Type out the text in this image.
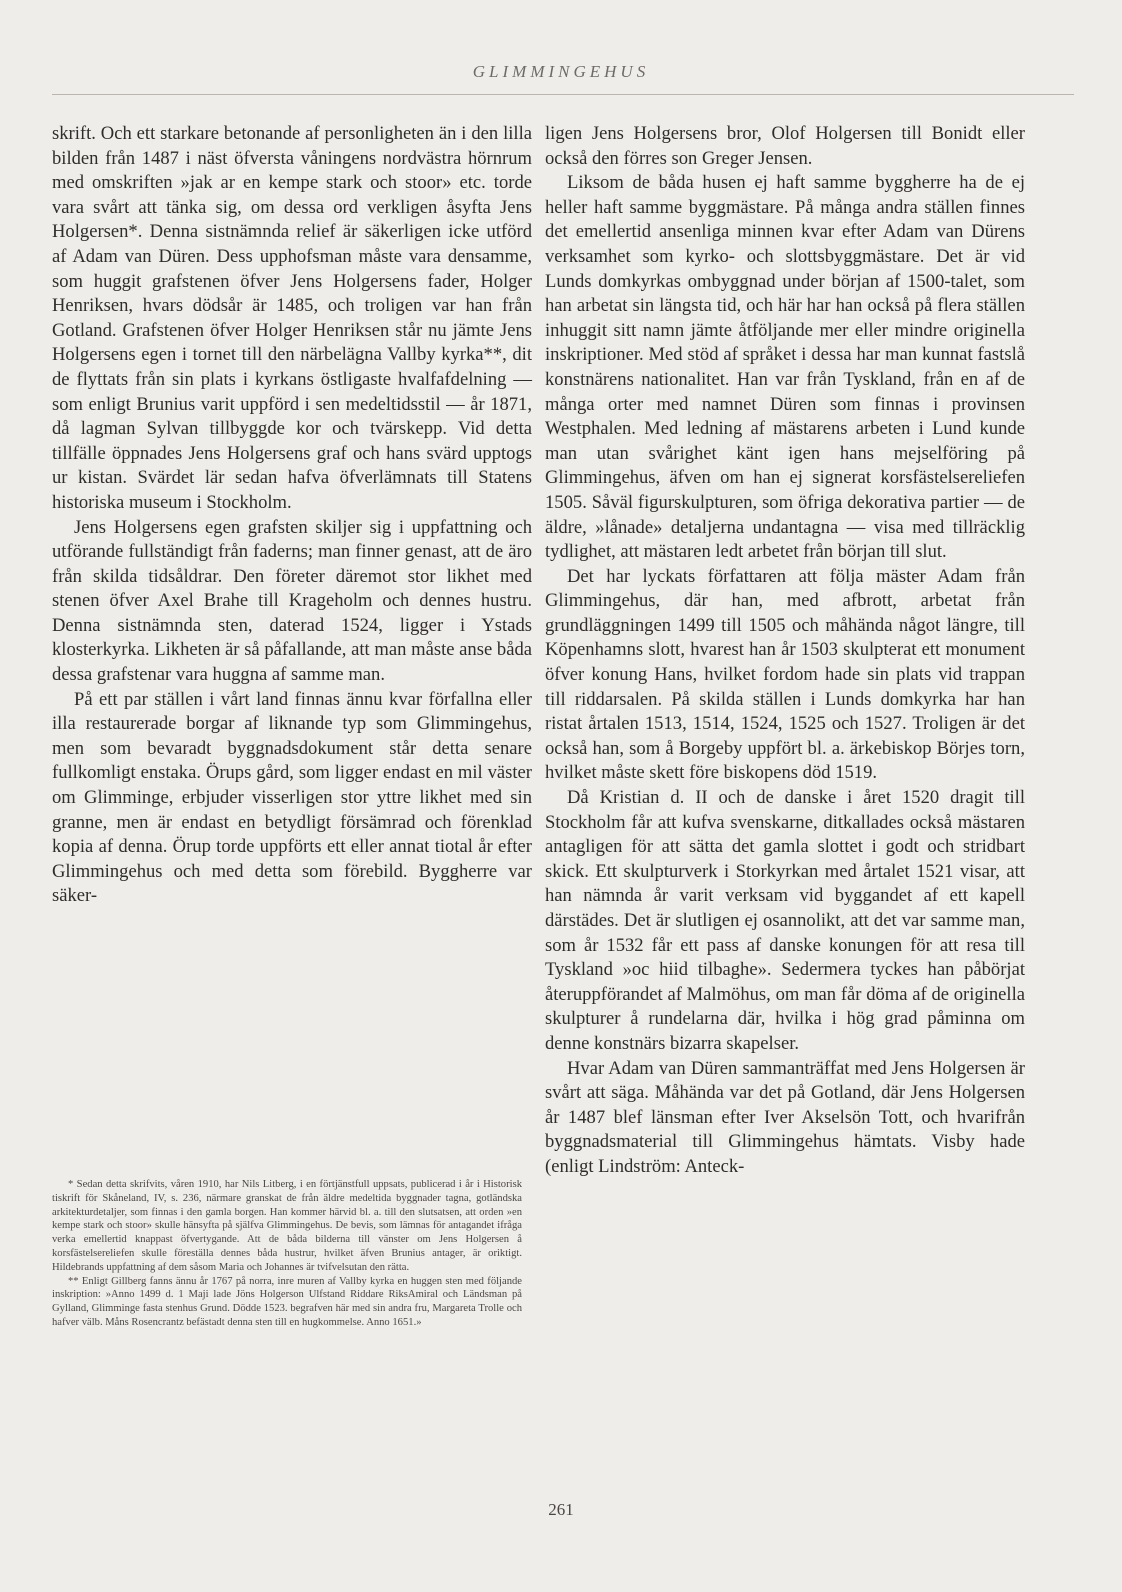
GLIMMINGEHUS

skrift. Och ett starkare betonande af personligheten än i den lilla bilden från 1487 i näst öfversta våningens nordvästra hörnrum med omskriften »jak ar en kempe stark och stoor» etc. torde vara svårt att tänka sig, om dessa ord verkligen åsyfta Jens Holgersen*. Denna sistnämnda relief är säkerligen icke utförd af Adam van Düren. Dess upphofsman måste vara densamme, som huggit grafstenen öfver Jens Holgersens fader, Holger Henriksen, hvars dödsår är 1485, och troligen var han från Gotland. Grafstenen öfver Holger Henriksen står nu jämte Jens Holgersens egen i tornet till den närbelägna Vallby kyrka**, dit de flyttats från sin plats i kyrkans östligaste hvalfafdelning — som enligt Brunius varit uppförd i sen medeltidsstil — år 1871, då lagman Sylvan tillbyggde kor och tvärskepp. Vid detta tillfälle öppnades Jens Holgersens graf och hans svärd upptogs ur kistan. Svärdet lär sedan hafva öfverlämnats till Statens historiska museum i Stockholm.

Jens Holgersens egen grafsten skiljer sig i uppfattning och utförande fullständigt från faderns; man finner genast, att de äro från skilda tidsåldrar. Den företer däremot stor likhet med stenen öfver Axel Brahe till Krageholm och dennes hustru. Denna sistnämnda sten, daterad 1524, ligger i Ystads klosterkyrka. Likheten är så påfallande, att man måste anse båda dessa grafstenar vara huggna af samme man.

På ett par ställen i vårt land finnas ännu kvar förfallna eller illa restaurerade borgar af liknande typ som Glimmingehus, men som bevaradt byggnadsdokument står detta senare fullkomligt enstaka. Örups gård, som ligger endast en mil väster om Glimminge, erbjuder visserligen stor yttre likhet med sin granne, men är endast en betydligt försämrad och förenklad kopia af denna. Örup torde uppförts ett eller annat tiotal år efter Glimmingehus och med detta som förebild. Byggherre var säker-

ligen Jens Holgersens bror, Olof Holgersen till Bonidt eller också den förres son Greger Jensen.

Liksom de båda husen ej haft samme byggherre ha de ej heller haft samme byggmästare. På många andra ställen finnes det emellertid ansenliga minnen kvar efter Adam van Dürens verksamhet som kyrko- och slottsbyggmästare. Det är vid Lunds domkyrkas ombyggnad under början af 1500-talet, som han arbetat sin längsta tid, och här har han också på flera ställen inhuggit sitt namn jämte åtföljande mer eller mindre originella inskriptioner. Med stöd af språket i dessa har man kunnat fastslå konstnärens nationalitet. Han var från Tyskland, från en af de många orter med namnet Düren som finnas i provinsen Westphalen. Med ledning af mästarens arbeten i Lund kunde man utan svårighet känt igen hans mejselföring på Glimmingehus, äfven om han ej signerat korsfästelsereliefen 1505. Såväl figurskulpturen, som öfriga dekorativa partier — de äldre, »lånade» detaljerna undantagna — visa med tillräcklig tydlighet, att mästaren ledt arbetet från början till slut.

Det har lyckats författaren att följa mäster Adam från Glimmingehus, där han, med afbrott, arbetat från grundläggningen 1499 till 1505 och måhända något längre, till Köpenhamns slott, hvarest han år 1503 skulpterat ett monument öfver konung Hans, hvilket fordom hade sin plats vid trappan till riddarsalen. På skilda ställen i Lunds domkyrka har han ristat årtalen 1513, 1514, 1524, 1525 och 1527. Troligen är det också han, som å Borgeby uppfört bl. a. ärkebiskop Börjes torn, hvilket måste skett före biskopens död 1519.

Då Kristian d. II och de danske i året 1520 dragit till Stockholm får att kufva svenskarne, ditkallades också mästaren antagligen för att sätta det gamla slottet i godt och stridbart skick. Ett skulpturverk i Storkyrkan med årtalet 1521 visar, att han nämnda år varit verksam vid byggandet af ett kapell därstädes. Det är slutligen ej osannolikt, att det var samme man, som år 1532 får ett pass af danske konungen för att resa till Tyskland »oc hiid tilbaghe». Sedermera tyckes han påbörjat återuppförandet af Malmöhus, om man får döma af de originella skulpturer å rundelarna där, hvilka i hög grad påminna om denne konstnärs bizarra skapelser.

Hvar Adam van Düren sammanträffat med Jens Holgersen är svårt att säga. Måhända var det på Gotland, där Jens Holgersen år 1487 blef länsman efter Iver Akselsön Tott, och hvarifrån byggnadsmaterial till Glimmingehus hämtats. Visby hade (enligt Lindström: Anteck-

* Sedan detta skrifvits, våren 1910, har Nils Litberg, i en förtjänstfull uppsats, publicerad i år i Historisk tiskrift för Skåneland, IV, s. 236, närmare granskat de från äldre medeltida byggnader tagna, gotländska arkitekturdetaljer, som finnas i den gamla borgen. Han kommer härvid bl. a. till den slutsatsen, att orden »en kempe stark och stoor» skulle hänsyfta på själfva Glimmingehus. De bevis, som lämnas för antagandet ifråga verka emellertid knappast öfvertygande. Att de båda bilderna till vänster om Jens Holgersen å korsfästelsereliefen skulle föreställa dennes båda hustrur, hvilket äfven Brunius antager, är oriktigt. Hildebrands uppfattning af dem såsom Maria och Johannes är tvifvelsutan den rätta.

** Enligt Gillberg fanns ännu år 1767 på norra, inre muren af Vallby kyrka en huggen sten med följande inskription: »Anno 1499 d. 1 Maji lade Jöns Holgerson Ulfstand Riddare RiksAmiral och Ländsman på Gylland, Glimminge fasta stenhus Grund. Dödde 1523. begrafven här med sin andra fru, Margareta Trolle och hafver välb. Måns Rosencrantz befästadt denna sten till en hugkommelse. Anno 1651.»

261
